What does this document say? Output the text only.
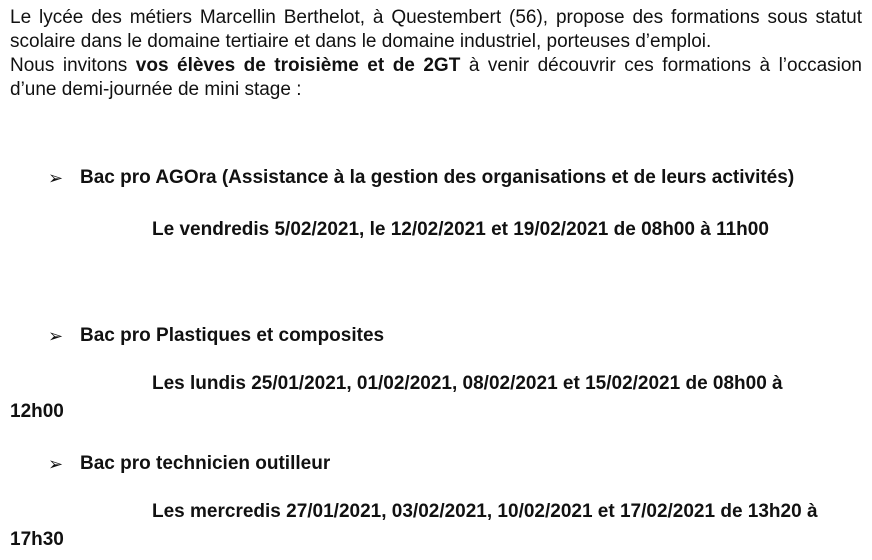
Le lycée des métiers Marcellin Berthelot, à Questembert (56), propose des formations sous statut scolaire dans le domaine tertiaire et dans le domaine industriel, porteuses d’emploi.

Nous invitons vos élèves de troisième et de 2GT à venir découvrir ces formations à l’occasion d’une demi-journée de mini stage :

➢ Bac pro AGOra (Assistance à la gestion des organisations et de leurs activités)

Le vendredis 5/02/2021, le 12/02/2021 et 19/02/2021 de 08h00 à 11h00

➢ Bac pro Plastiques et composites

Les lundis 25/01/2021, 01/02/2021, 08/02/2021 et 15/02/2021 de 08h00 à 12h00

➢ Bac pro technicien outilleur

Les mercredis 27/01/2021, 03/02/2021, 10/02/2021 et 17/02/2021 de 13h20 à 17h30
